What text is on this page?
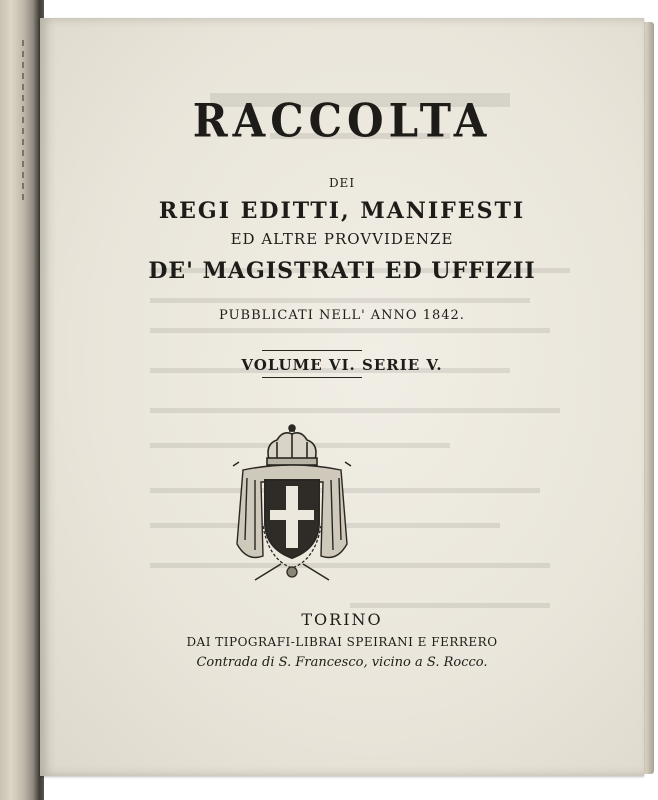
RACCOLTA
DEI
REGI EDITTI, MANIFESTI
ED ALTRE PROVVIDENZE
DE' MAGISTRATI ED UFFIZII
PUBBLICATI NELL' ANNO 1842.
VOLUME VI. SERIE V.
TORINO
DAI TIPOGRAFI-LIBRAI SPEIRANI E FERRERO
Contrada di S. Francesco, vicino a S. Rocco.
